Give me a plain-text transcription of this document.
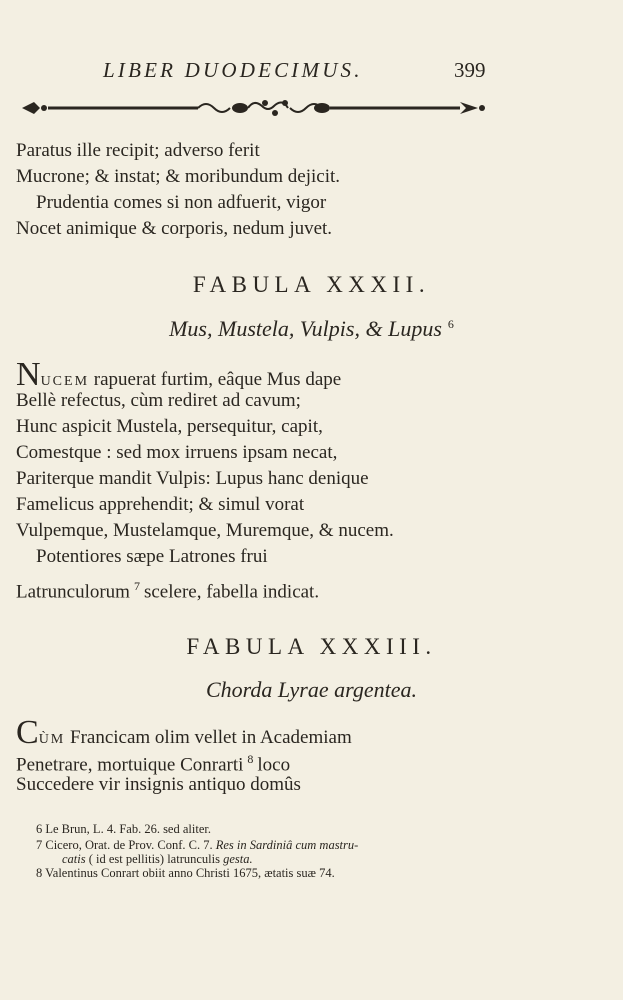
LIBER DUODECIMUS.	399
Paratus ille recipit; adverso ferit
Mucrone; & instat; & moribundum dejicit.
Prudentia comes si non adfuerit, vigor
Nocet animique & corporis, nedum juvet.
FABULA XXXII.
Mus, Mustela, Vulpis, & Lupus $^6$
NUCEM rapuerat furtim, eâque Mus dape
Bellè refectus, cùm rediret ad cavum;
Hunc aspicit Mustela, persequitur, capit,
Comestque : sed mox irruens ipsam necat,
Pariterque mandit Vulpis: Lupus hanc denique
Famelicus apprehendit; & simul vorat
Vulpemque, Mustelamque, Muremque, & nucem.
Potentiores sæpe Latrones frui
Latrunculorum $^7$ scelere, fabella indicat.
FABULA XXXIII.
Chorda Lyrae argentea.
CÙM Francicam olim vellet in Academiam
Penetrare, mortuique Conrarti $^8$ loco
Succedere vir insignis antiquo domûs
6 Le Brun, L. 4. Fab. 26. sed aliter.
7 Cicero, Orat. de Prov. Conf. C. 7. Res in Sardiniâ cum mastru-
catis ( id est pellitis) latrunculis gesta.
8 Valentinus Conrart obiit anno Christi 1675, ætatis suæ 74.
